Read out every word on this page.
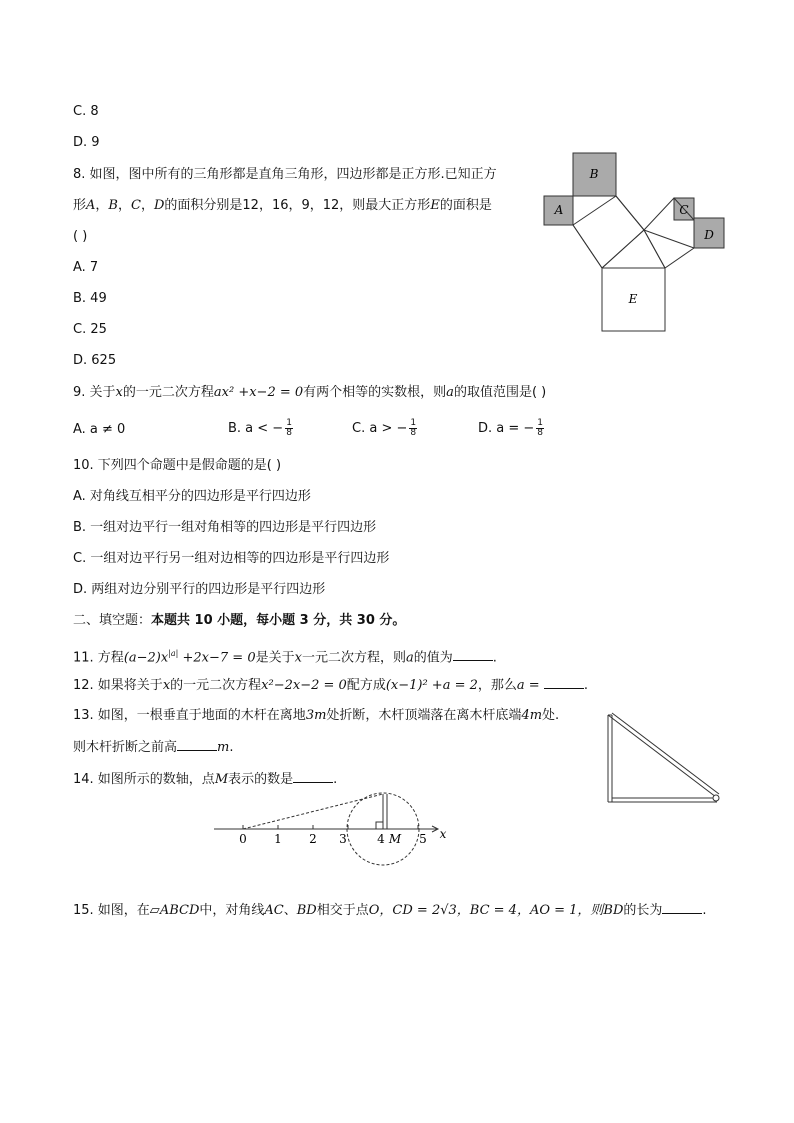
C. 8
D. 9
8. 如图，图中所有的三角形都是直角三角形，四边形都是正方形.已知正方
形A，B，C，D的面积分别是12，16，9，12，则最大正方形E的面积是
( )
A. 7
B. 49
C. 25
D. 625
B
A	C
D
E
9. 关于x的一元二次方程ax² +x−2 = 0有两个相等的实数根，则a的取值范围是( )
A. a ≠ 0	B. a < − $\frac{1}{8}$	C. a > − $\frac{1}{8}$	D. a = − $\frac{1}{8}$
10. 下列四个命题中是假命题的是( )
A. 对角线互相平分的四边形是平行四边形
B. 一组对边平行一组对角相等的四边形是平行四边形
C. 一组对边平行另一组对边相等的四边形是平行四边形
D. 两组对边分别平行的四边形是平行四边形
二、填空题：本题共 10 小题，每小题 3 分，共 30 分。
11. 方程$(a-2)x^{|a|} +2x-7 = 0$是关于x一元二次方程，则a的值为	.
12. 如果将关于x的一元二次方程x²−2x−2 = 0配方成(x−1)² +a = 2，那么a =	.
13. 如图，一根垂直于地面的木杆在离地3m处折断，木杆顶端落在离木杆底端4m处.
则木杆折断之前高	m.
14. 如图所示的数轴，点M表示的数是	.
0 1 2 3	4	5
M	x
15. 如图，在▱ABCD中，对角线AC、BD相交于点O，CD = 2√3，BC = 4，AO = 1，则BD的长为	.
